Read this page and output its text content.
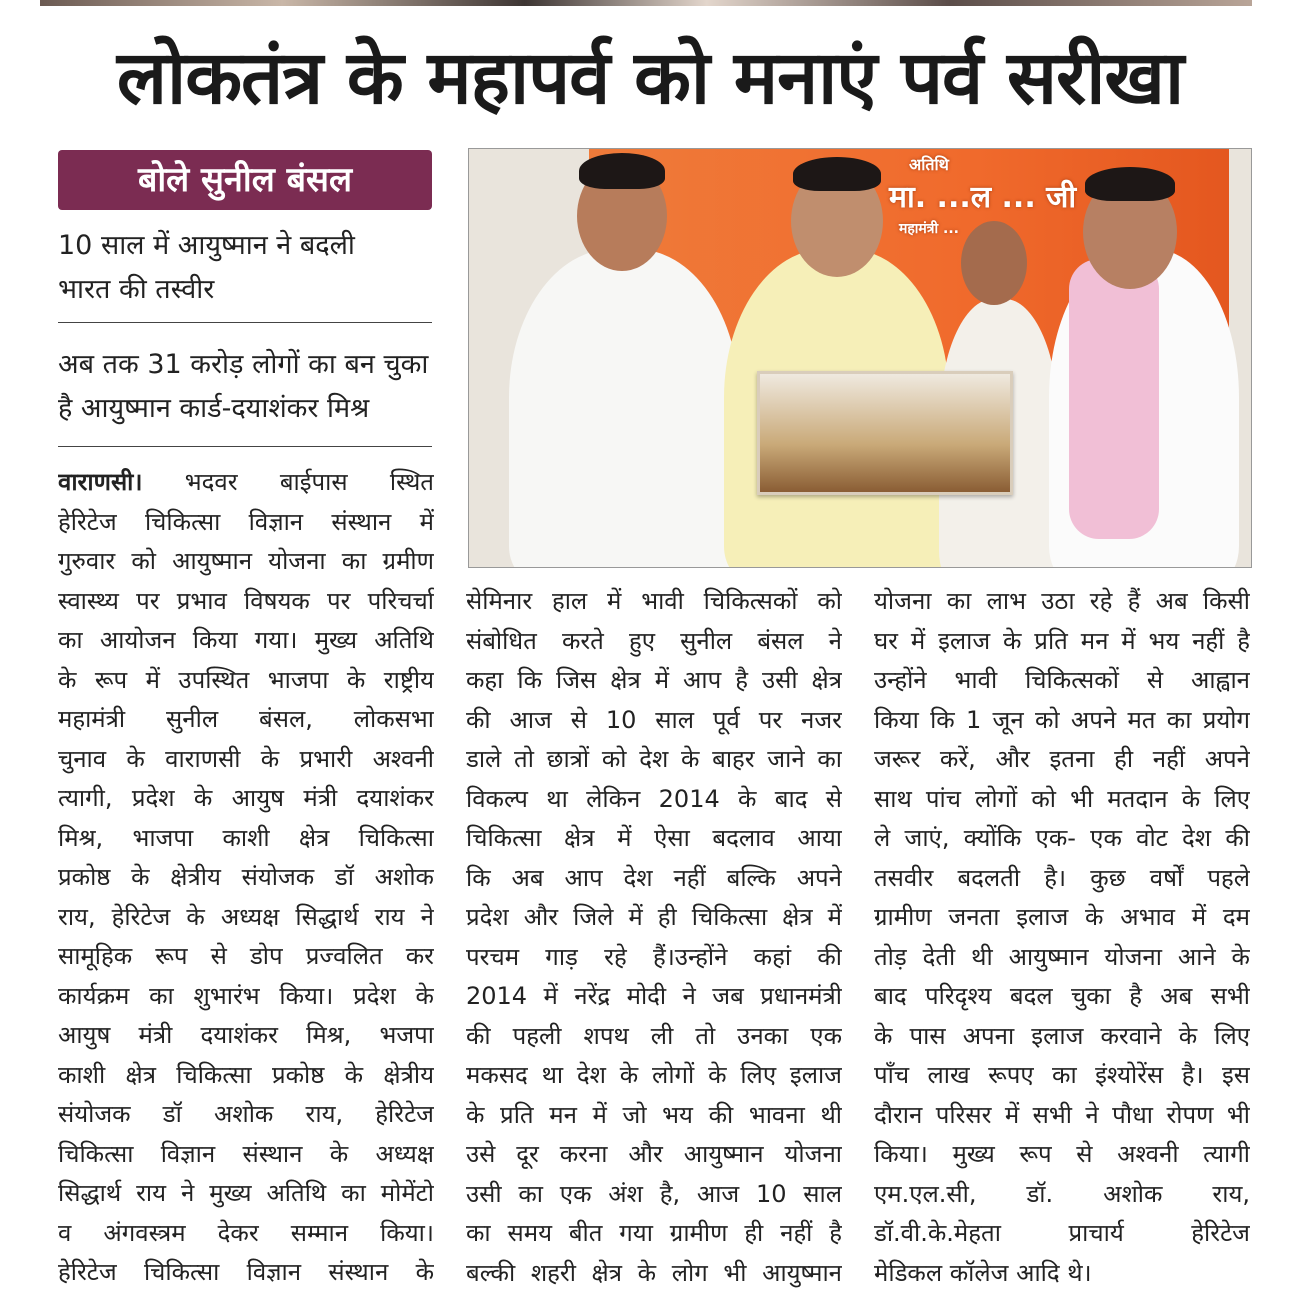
लोकतंत्र के महापर्व को मनाएं पर्व सरीखा
बोले सुनील बंसल
10 साल में आयुष्मान ने बदली
भारत की तस्वीर
अब तक 31 करोड़ लोगों का बन चुका
है आयुष्मान कार्ड-दयाशंकर मिश्र
अतिथि
मा. ...ल ... जी
महामंत्री ...
वाराणसी। भदवर बाईपास स्थित
हेरिटेज चिकित्सा विज्ञान संस्थान में
गुरुवार को आयुष्मान योजना का ग्रमीण
स्वास्थ्य पर प्रभाव विषयक पर परिचर्चा
का आयोजन किया गया। मुख्य अतिथि
के रूप में उपस्थित भाजपा के राष्ट्रीय
महामंत्री सुनील बंसल, लोकसभा
चुनाव के वाराणसी के प्रभारी अश्वनी
त्यागी, प्रदेश के आयुष मंत्री दयाशंकर
मिश्र, भाजपा काशी क्षेत्र चिकित्सा
प्रकोष्ठ के क्षेत्रीय संयोजक डॉ अशोक
राय, हेरिटेज के अध्यक्ष सिद्धार्थ राय ने
सामूहिक रूप से डोप प्रज्वलित कर
कार्यक्रम का शुभारंभ किया। प्रदेश के
आयुष मंत्री दयाशंकर मिश्र, भजपा
काशी क्षेत्र चिकित्सा प्रकोष्ठ के क्षेत्रीय
संयोजक डॉ अशोक राय, हेरिटेज
चिकित्सा विज्ञान संस्थान के अध्यक्ष
सिद्धार्थ राय ने मुख्य अतिथि का मोमेंटो
व अंगवस्त्रम देकर सम्मान किया।
हेरिटेज चिकित्सा विज्ञान संस्थान के
सेमिनार हाल में भावी चिकित्सकों को
संबोधित करते हुए सुनील बंसल ने
कहा कि जिस क्षेत्र में आप है उसी क्षेत्र
की आज से 10 साल पूर्व पर नजर
डाले तो छात्रों को देश के बाहर जाने का
विकल्प था लेकिन 2014 के बाद से
चिकित्सा क्षेत्र में ऐसा बदलाव आया
कि अब आप देश नहीं बल्कि अपने
प्रदेश और जिले में ही चिकित्सा क्षेत्र में
परचम गाड़ रहे हैं।उन्होंने कहां की
2014 में नरेंद्र मोदी ने जब प्रधानमंत्री
की पहली शपथ ली तो उनका एक
मकसद था देश के लोगों के लिए इलाज
के प्रति मन में जो भय की भावना थी
उसे दूर करना और आयुष्मान योजना
उसी का एक अंश है, आज 10 साल
का समय बीत गया ग्रामीण ही नहीं है
बल्की शहरी क्षेत्र के लोग भी आयुष्मान
योजना का लाभ उठा रहे हैं अब किसी
घर में इलाज के प्रति मन में भय नहीं है
उन्होंने भावी चिकित्सकों से आह्वान
किया कि 1 जून को अपने मत का प्रयोग
जरूर करें, और इतना ही नहीं अपने
साथ पांच लोगों को भी मतदान के लिए
ले जाएं, क्योंकि एक- एक वोट देश की
तसवीर बदलती है। कुछ वर्षों पहले
ग्रामीण जनता इलाज के अभाव में दम
तोड़ देती थी आयुष्मान योजना आने के
बाद परिदृश्य बदल चुका है अब सभी
के पास अपना इलाज करवाने के लिए
पाँच लाख रूपए का इंश्योरेंस है। इस
दौरान परिसर में सभी ने पौधा रोपण भी
किया। मुख्य रूप से अश्वनी त्यागी
एम.एल.सी, डॉ. अशोक राय,
डॉ.वी.के.मेहता प्राचार्य हेरिटेज
मेडिकल कॉलेज आदि थे।
